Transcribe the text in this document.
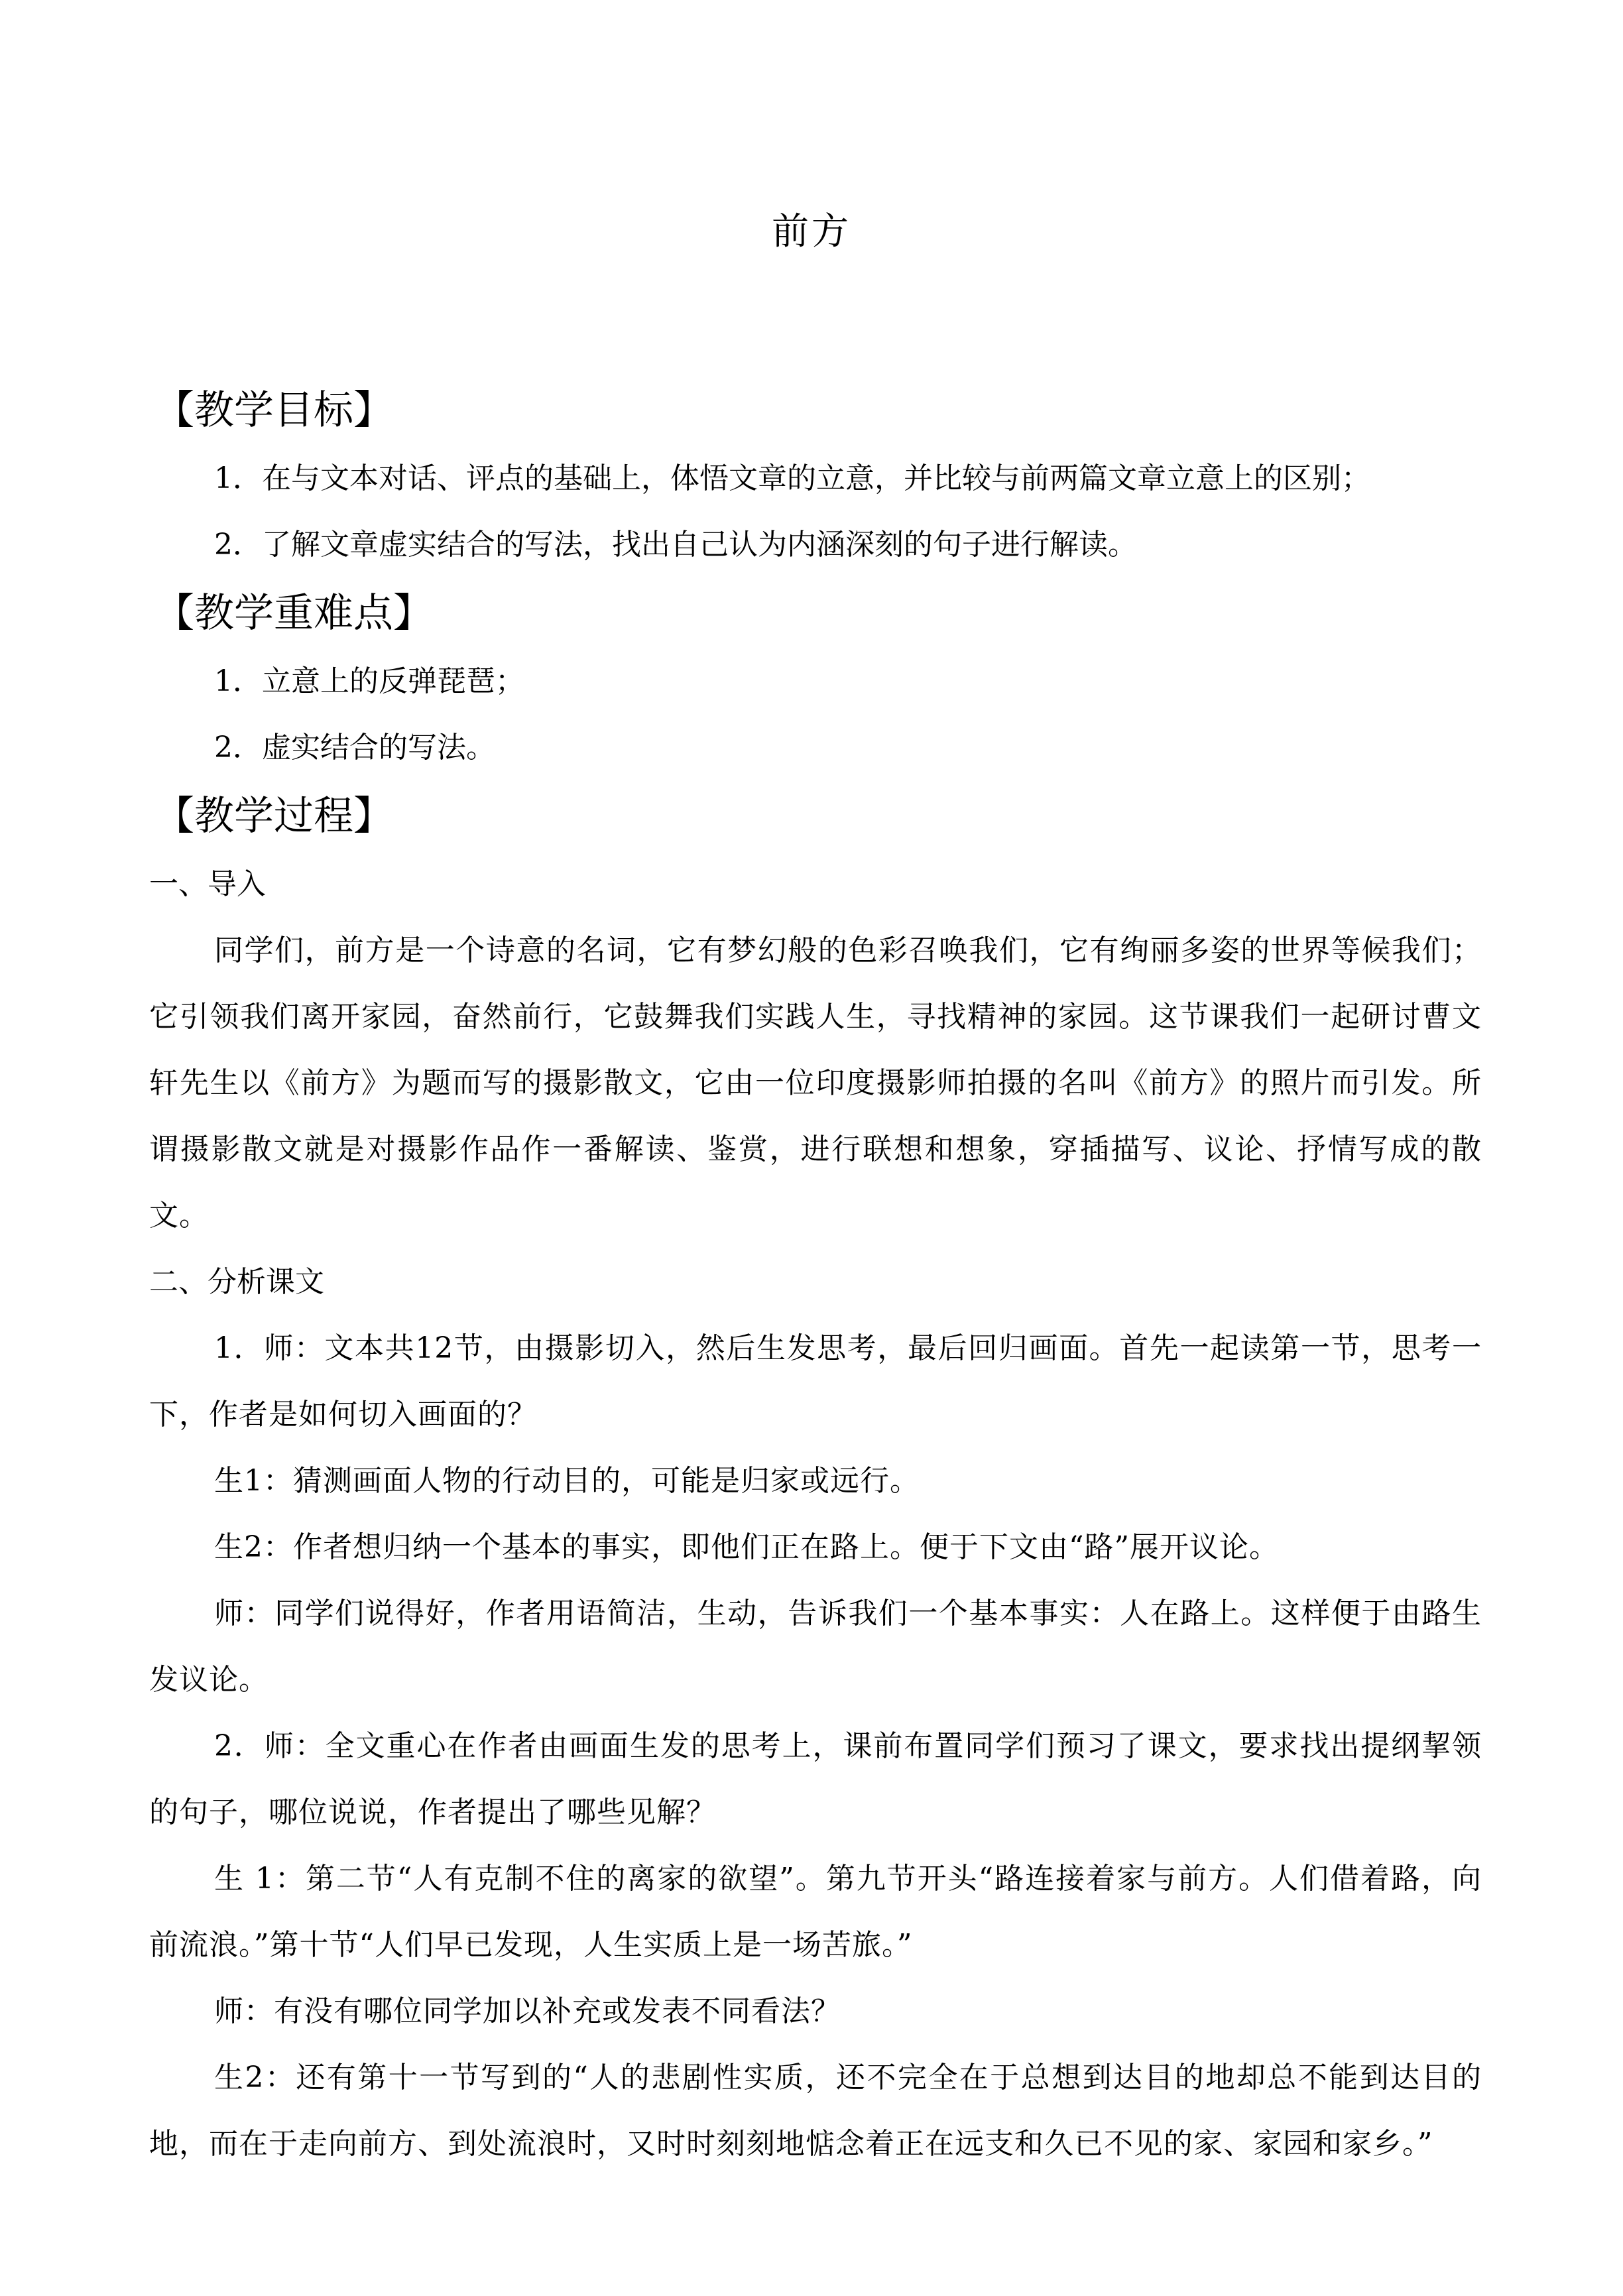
前方
【教学目标】
1．在与文本对话、评点的基础上，体悟文章的立意，并比较与前两篇文章立意上的区别；
2．了解文章虚实结合的写法，找出自己认为内涵深刻的句子进行解读。
【教学重难点】
1．立意上的反弹琵琶；
2．虚实结合的写法。
【教学过程】
一、导入

同学们，前方是一个诗意的名词，它有梦幻般的色彩召唤我们，它有绚丽多姿的世界等候我们；它引领我们离开家园，奋然前行，它鼓舞我们实践人生，寻找精神的家园。这节课我们一起研讨曹文轩先生以《前方》为题而写的摄影散文，它由一位印度摄影师拍摄的名叫《前方》的照片而引发。所谓摄影散文就是对摄影作品作一番解读、鉴赏，进行联想和想象，穿插描写、议论、抒情写成的散文。

二、分析课文

1．师：文本共12节，由摄影切入，然后生发思考，最后回归画面。首先一起读第一节，思考一下，作者是如何切入画面的？

生1：猜测画面人物的行动目的，可能是归家或远行。

生2：作者想归纳一个基本的事实，即他们正在路上。便于下文由“路”展开议论。

师：同学们说得好，作者用语简洁，生动，告诉我们一个基本事实：人在路上。这样便于由路生发议论。

2．师：全文重心在作者由画面生发的思考上，课前布置同学们预习了课文，要求找出提纲挈领的句子，哪位说说，作者提出了哪些见解？

生 1：第二节“人有克制不住的离家的欲望”。第九节开头“路连接着家与前方。人们借着路，向前流浪。”第十节“人们早已发现，人生实质上是一场苦旅。”

师：有没有哪位同学加以补充或发表不同看法？

生2：还有第十一节写到的“人的悲剧性实质，还不完全在于总想到达目的地却总不能到达目的地，而在于走向前方、到处流浪时，又时时刻刻地惦念着正在远支和久已不见的家、家园和家乡。”
